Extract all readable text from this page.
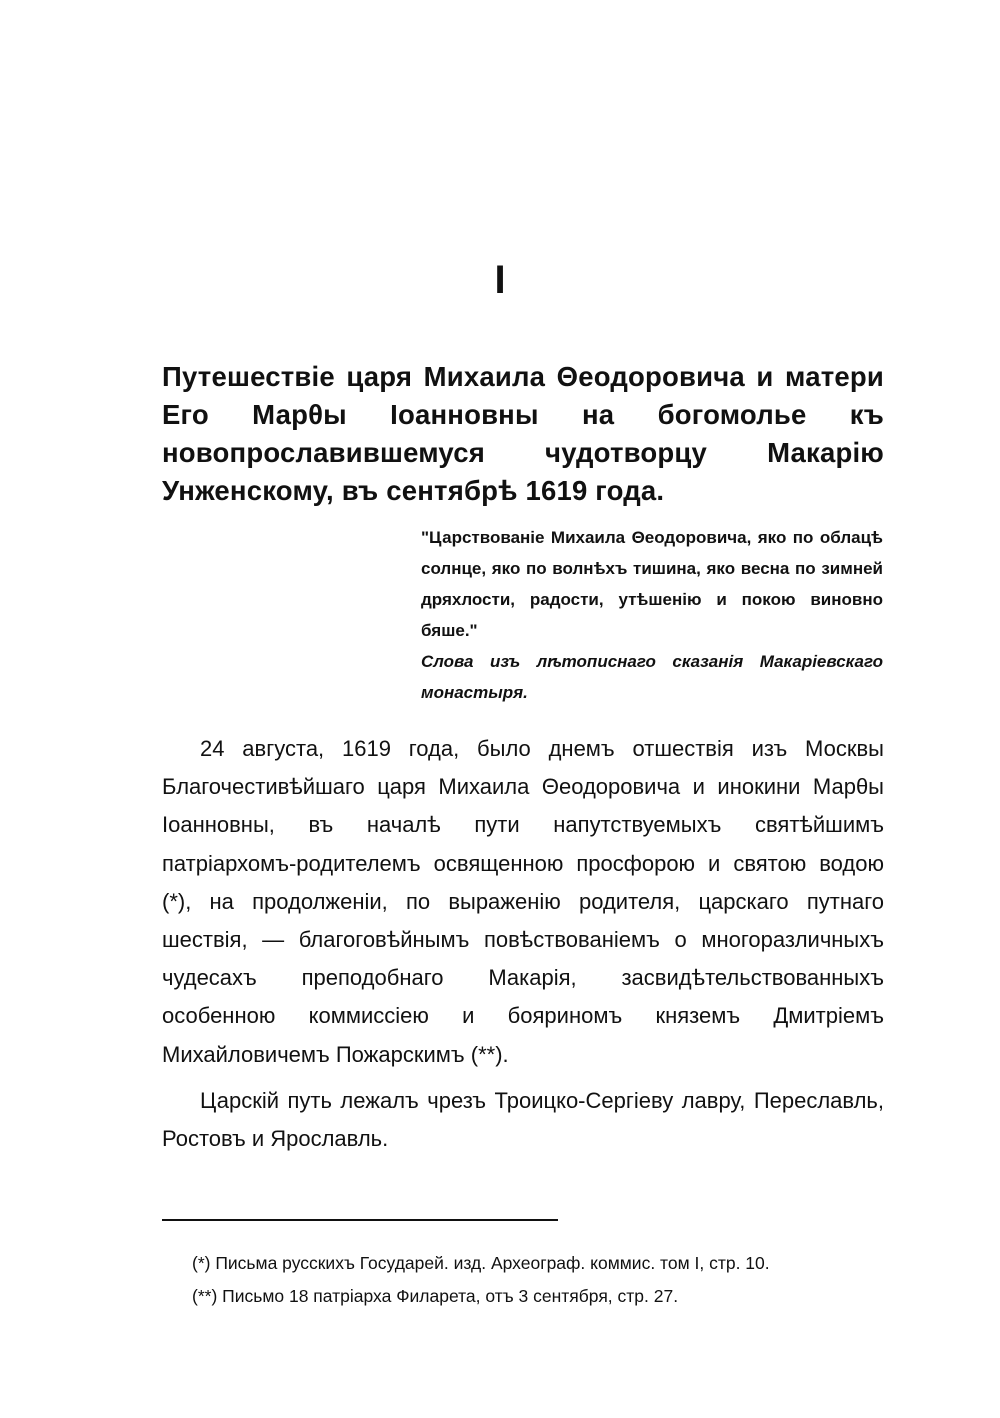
I
Путешествіе царя Михаила Θеодоровича и матери Его Марθы Іоанновны на богомолье къ новопрославившемуся чудотворцу Макарію Унженскому, въ сентябрѣ 1619 года.

"Царствованіе Михаила Θеодоровича, яко по облацѣ солнце, яко по волнѣхъ тишина, яко весна по зимней дряхлости, радости, утѣшенію и покою виновно бяше."

Слова изъ лѣтописнаго сказанія Макаріевскаго монастыря.

24 августа, 1619 года, было днемъ отшествія изъ Москвы Благочестивѣйшаго царя Михаила Θеодоровича и инокини Марθы Іоанновны, въ началѣ пути напутствуемыхъ святѣйшимъ патріархомъ-родителемъ освященною просфорою и святою водою (*), на продолженіи, по выраженію родителя, царскаго путнаго шествія, — благоговѣйнымъ повѣствованіемъ о многоразличныхъ чудесахъ преподобнаго Макарія, засвидѣтельствованныхъ особенною коммиссіею и бояриномъ княземъ Дмитріемъ Михайловичемъ Пожарскимъ (**).

Царскій путь лежалъ чрезъ Троицко-Сергіеву лавру, Переславль, Ростовъ и Ярославль.

(*) Письма русскихъ Государей. изд. Археограф. коммис. том I, стр. 10.

(**) Письмо 18 патріарха Филарета, отъ 3 сентября, стр. 27.
